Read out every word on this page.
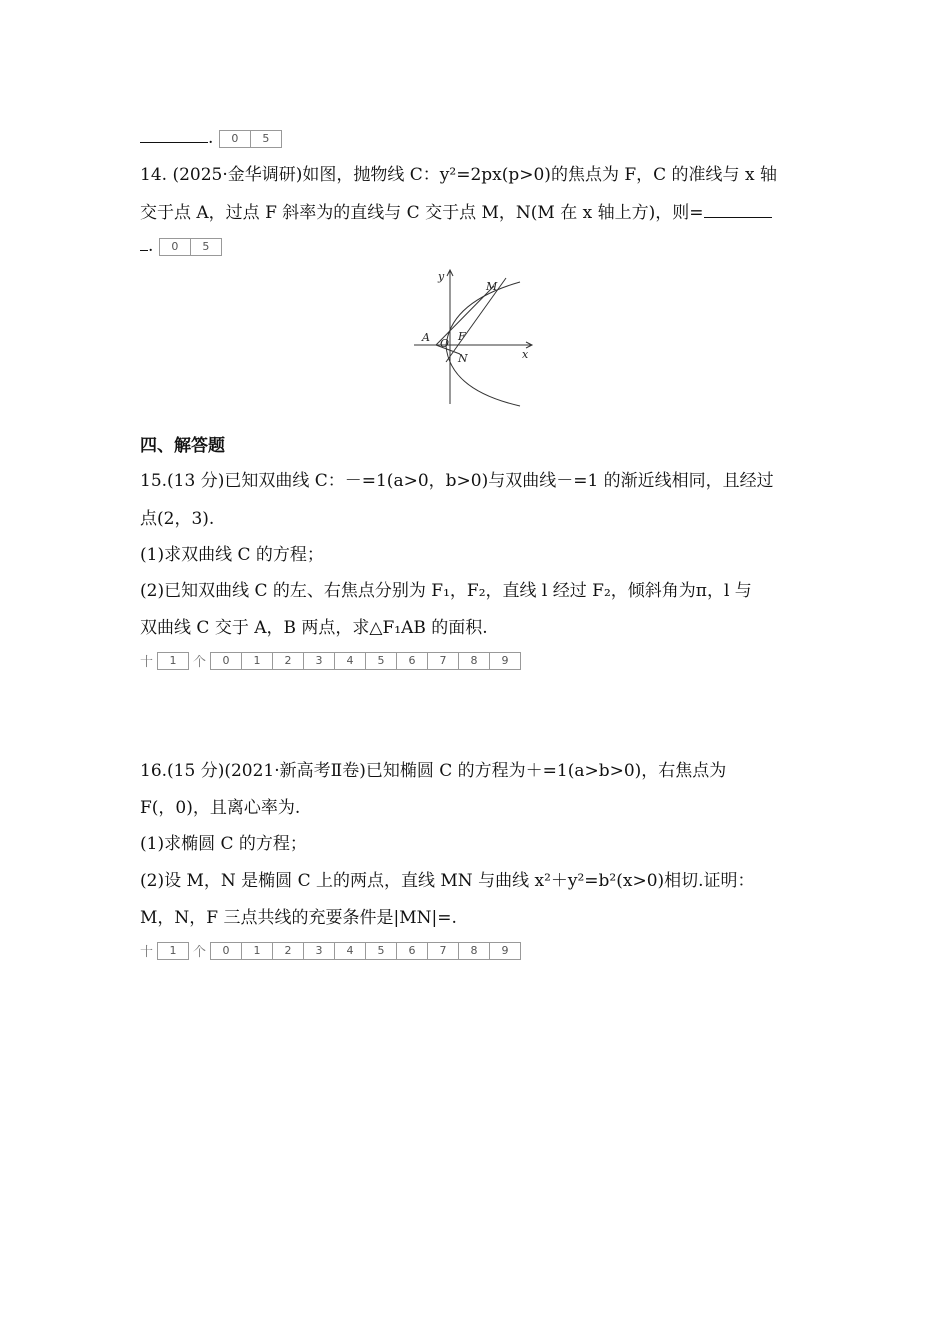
.	0	5
14. (2025·金华调研)如图，抛物线 C：y²=2px(p>0)的焦点为 F，C 的准线与 x 轴
交于点 A，过点 F 斜率为的直线与 C 交于点 M，N(M 在 x 轴上方)，则=
.	0	5
y
x
M
A O
F
N
四、解答题
15.(13 分)已知双曲线 C：－=1(a>0，b>0)与双曲线－=1 的渐近线相同，且经过
点(2，3).
(1)求双曲线 C 的方程；
(2)已知双曲线 C 的左、右焦点分别为 F₁，F₂，直线 l 经过 F₂，倾斜角为π，l 与
双曲线 C 交于 A，B 两点，求△F₁AB 的面积.
十	1	个	0	1	2	3	4	5	6	7	8	9
16.(15 分)(2021·新高考Ⅱ卷)已知椭圆 C 的方程为＋=1(a>b>0)，右焦点为
F(，0)，且离心率为.
(1)求椭圆 C 的方程；
(2)设 M，N 是椭圆 C 上的两点，直线 MN 与曲线 x²＋y²=b²(x>0)相切.证明：
M，N，F 三点共线的充要条件是|MN|=.
十	1	个	0	1	2	3	4	5	6	7	8	9
